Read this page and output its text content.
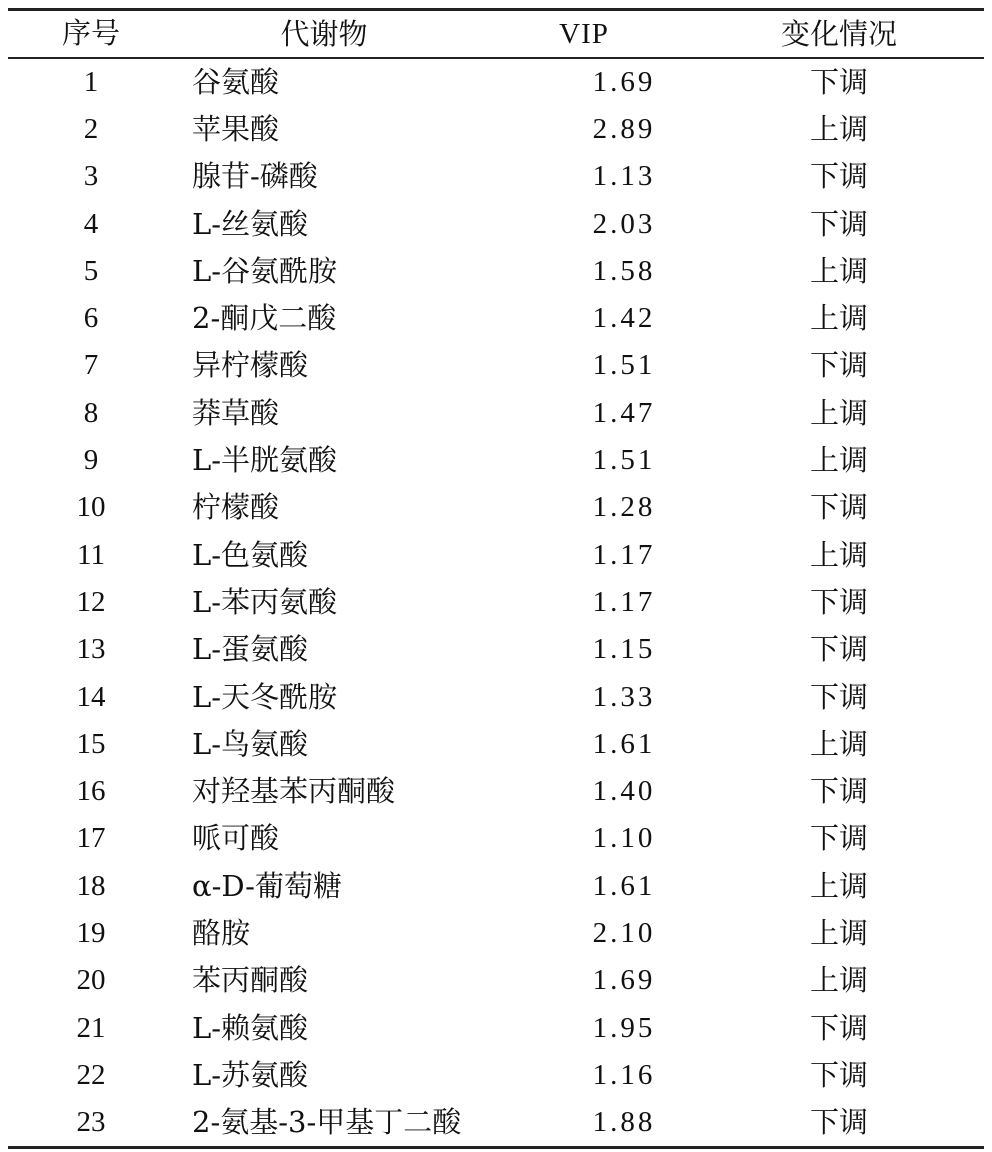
序号	代谢物	VIP	变化情况
1	谷氨酸	1.69	下调
2	苹果酸	2.89	上调
3	腺苷-磷酸	1.13	下调
4	L-丝氨酸	2.03	下调
5	L-谷氨酰胺	1.58	上调
6	2-酮戊二酸	1.42	上调
7	异柠檬酸	1.51	下调
8	莽草酸	1.47	上调
9	L-半胱氨酸	1.51	上调
10	柠檬酸	1.28	下调
11	L-色氨酸	1.17	上调
12	L-苯丙氨酸	1.17	下调
13	L-蛋氨酸	1.15	下调
14	L-天冬酰胺	1.33	下调
15	L-鸟氨酸	1.61	上调
16	对羟基苯丙酮酸	1.40	下调
17	哌可酸	1.10	下调
18	α-D-葡萄糖	1.61	上调
19	酪胺	2.10	上调
20	苯丙酮酸	1.69	上调
21	L-赖氨酸	1.95	下调
22	L-苏氨酸	1.16	下调
23	2-氨基-3-甲基丁二酸	1.88	下调
